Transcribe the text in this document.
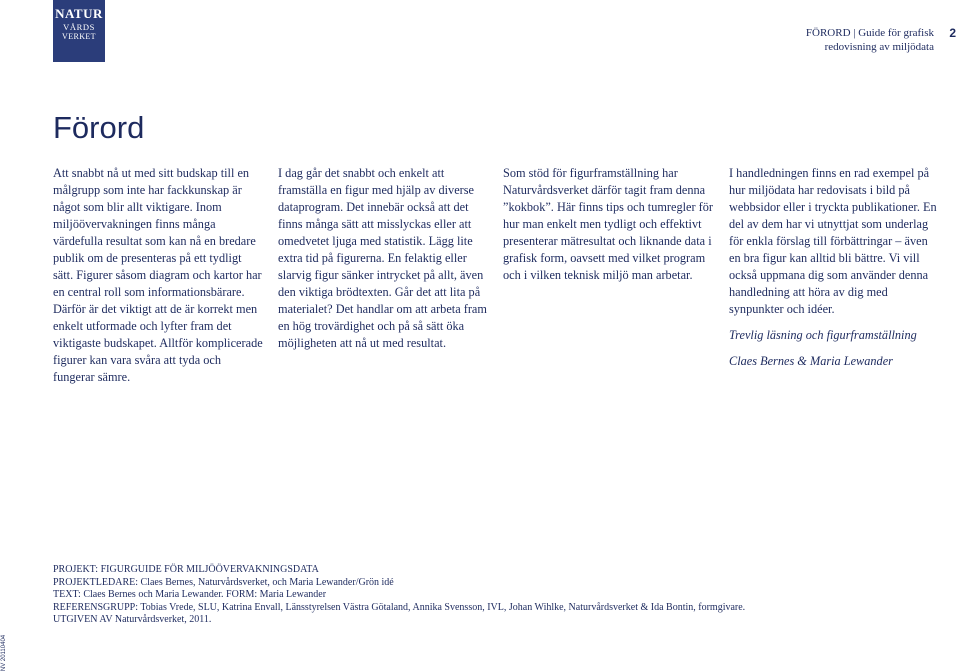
NATUR
VÅRDS
VERKET	FÖRORD | Guide för grafisk redovisning av miljödata
2
Förord

Att snabbt nå ut med sitt budskap till en målgrupp som inte har fackkunskap är något som blir allt viktigare. Inom miljöövervakningen finns många värdefulla resultat som kan nå en bredare publik om de presenteras på ett tydligt sätt. Figurer såsom diagram och kartor har en central roll som informationsbärare. Därför är det viktigt att de är korrekt men enkelt utformade och lyfter fram det viktigaste budskapet. Alltför komplicerade figurer kan vara svåra att tyda och fungerar sämre.

I dag går det snabbt och enkelt att framställa en figur med hjälp av diverse dataprogram. Det innebär också att det finns många sätt att misslyckas eller att omedvetet ljuga med statistik. Lägg lite extra tid på figurerna. En felaktig eller slarvig figur sänker intrycket på allt, även den viktiga brödtexten. Går det att lita på materialet? Det handlar om att arbeta fram en hög trovärdighet och på så sätt öka möjligheten att nå ut med resultat.

Som stöd för figurframställning har Naturvårdsverket därför tagit fram denna ”kokbok”. Här finns tips och tumregler för hur man enkelt men tydligt och effektivt presenterar mätresultat och liknande data i grafisk form, oavsett med vilket program och i vilken teknisk miljö man arbetar.

I handledningen finns en rad exempel på hur miljödata har redovisats i bild på webbsidor eller i tryckta publikationer. En del av dem har vi utnyttjat som underlag för enkla förslag till förbättringar – även en bra figur kan alltid bli bättre. Vi vill också uppmana dig som använder denna handledning att höra av dig med synpunkter och idéer.

Trevlig läsning och figurframställning

Claes Bernes & Maria Lewander

PROJEKT: FIGURGUIDE FÖR MILJÖÖVERVAKNINGSDATA
PROJEKTLEDARE: Claes Bernes, Naturvårdsverket, och Maria Lewander/Grön idé
TEXT: Claes Bernes och Maria Lewander. FORM: Maria Lewander
REFERENSGRUPP: Tobias Vrede, SLU, Katrina Envall, Länsstyrelsen Västra Götaland, Annika Svensson, IVL, Johan Wihlke, Naturvårdsverket & Ida Bontin, formgivare.
UTGIVEN AV Naturvårdsverket, 2011.
NV 20110404
